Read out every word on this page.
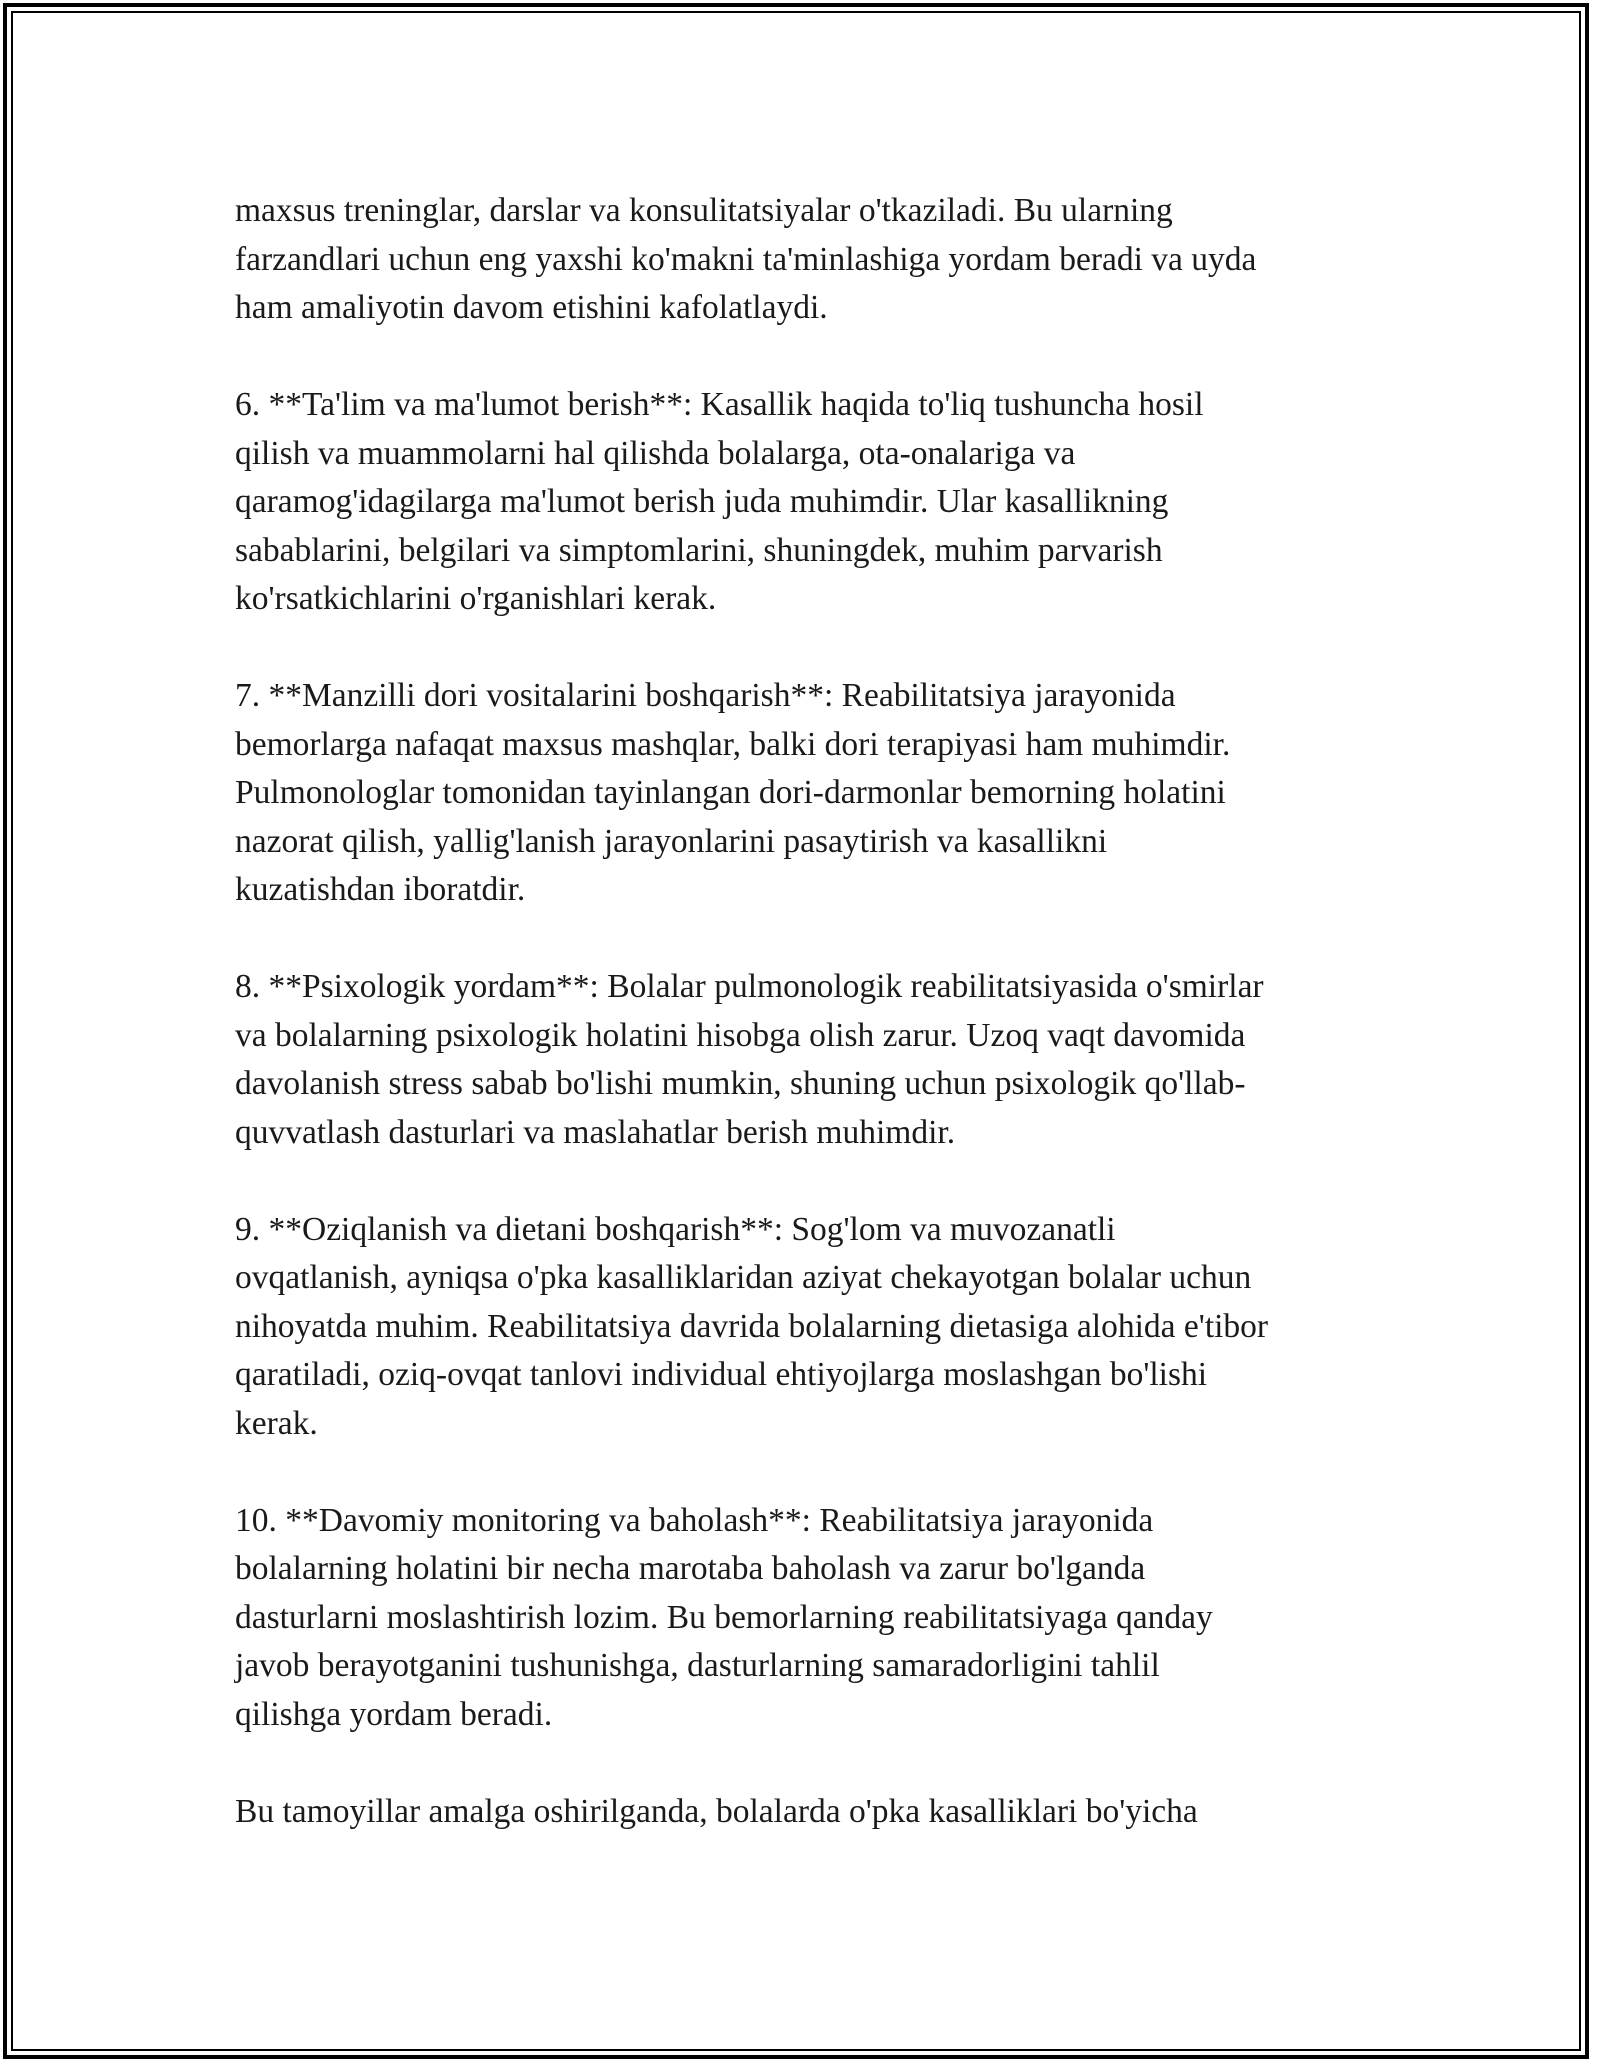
maxsus treninglar, darslar va konsulitatsiyalar o'tkaziladi. Bu ularning
farzandlari uchun eng yaxshi ko'makni ta'minlashiga yordam beradi va uyda
ham amaliyotin davom etishini kafolatlaydi.
6. **Ta'lim va ma'lumot berish**: Kasallik haqida to'liq tushuncha hosil
qilish va muammolarni hal qilishda bolalarga, ota-onalariga va
qaramog'idagilarga ma'lumot berish juda muhimdir. Ular kasallikning
sabablarini, belgilari va simptomlarini, shuningdek, muhim parvarish
ko'rsatkichlarini o'rganishlari kerak.
7. **Manzilli dori vositalarini boshqarish**: Reabilitatsiya jarayonida
bemorlarga nafaqat maxsus mashqlar, balki dori terapiyasi ham muhimdir.
Pulmonologlar tomonidan tayinlangan dori-darmonlar bemorning holatini
nazorat qilish, yallig'lanish jarayonlarini pasaytirish va kasallikni
kuzatishdan iboratdir.
8. **Psixologik yordam**: Bolalar pulmonologik reabilitatsiyasida o'smirlar
va bolalarning psixologik holatini hisobga olish zarur. Uzoq vaqt davomida
davolanish stress sabab bo'lishi mumkin, shuning uchun psixologik qo'llab-
quvvatlash dasturlari va maslahatlar berish muhimdir.
9. **Oziqlanish va dietani boshqarish**: Sog'lom va muvozanatli
ovqatlanish, ayniqsa o'pka kasalliklaridan aziyat chekayotgan bolalar uchun
nihoyatda muhim. Reabilitatsiya davrida bolalarning dietasiga alohida e'tibor
qaratiladi, oziq-ovqat tanlovi individual ehtiyojlarga moslashgan bo'lishi
kerak.
10. **Davomiy monitoring va baholash**: Reabilitatsiya jarayonida
bolalarning holatini bir necha marotaba baholash va zarur bo'lganda
dasturlarni moslashtirish lozim. Bu bemorlarning reabilitatsiyaga qanday
javob berayotganini tushunishga, dasturlarning samaradorligini tahlil
qilishga yordam beradi.
Bu tamoyillar amalga oshirilganda, bolalarda o'pka kasalliklari bo'yicha
